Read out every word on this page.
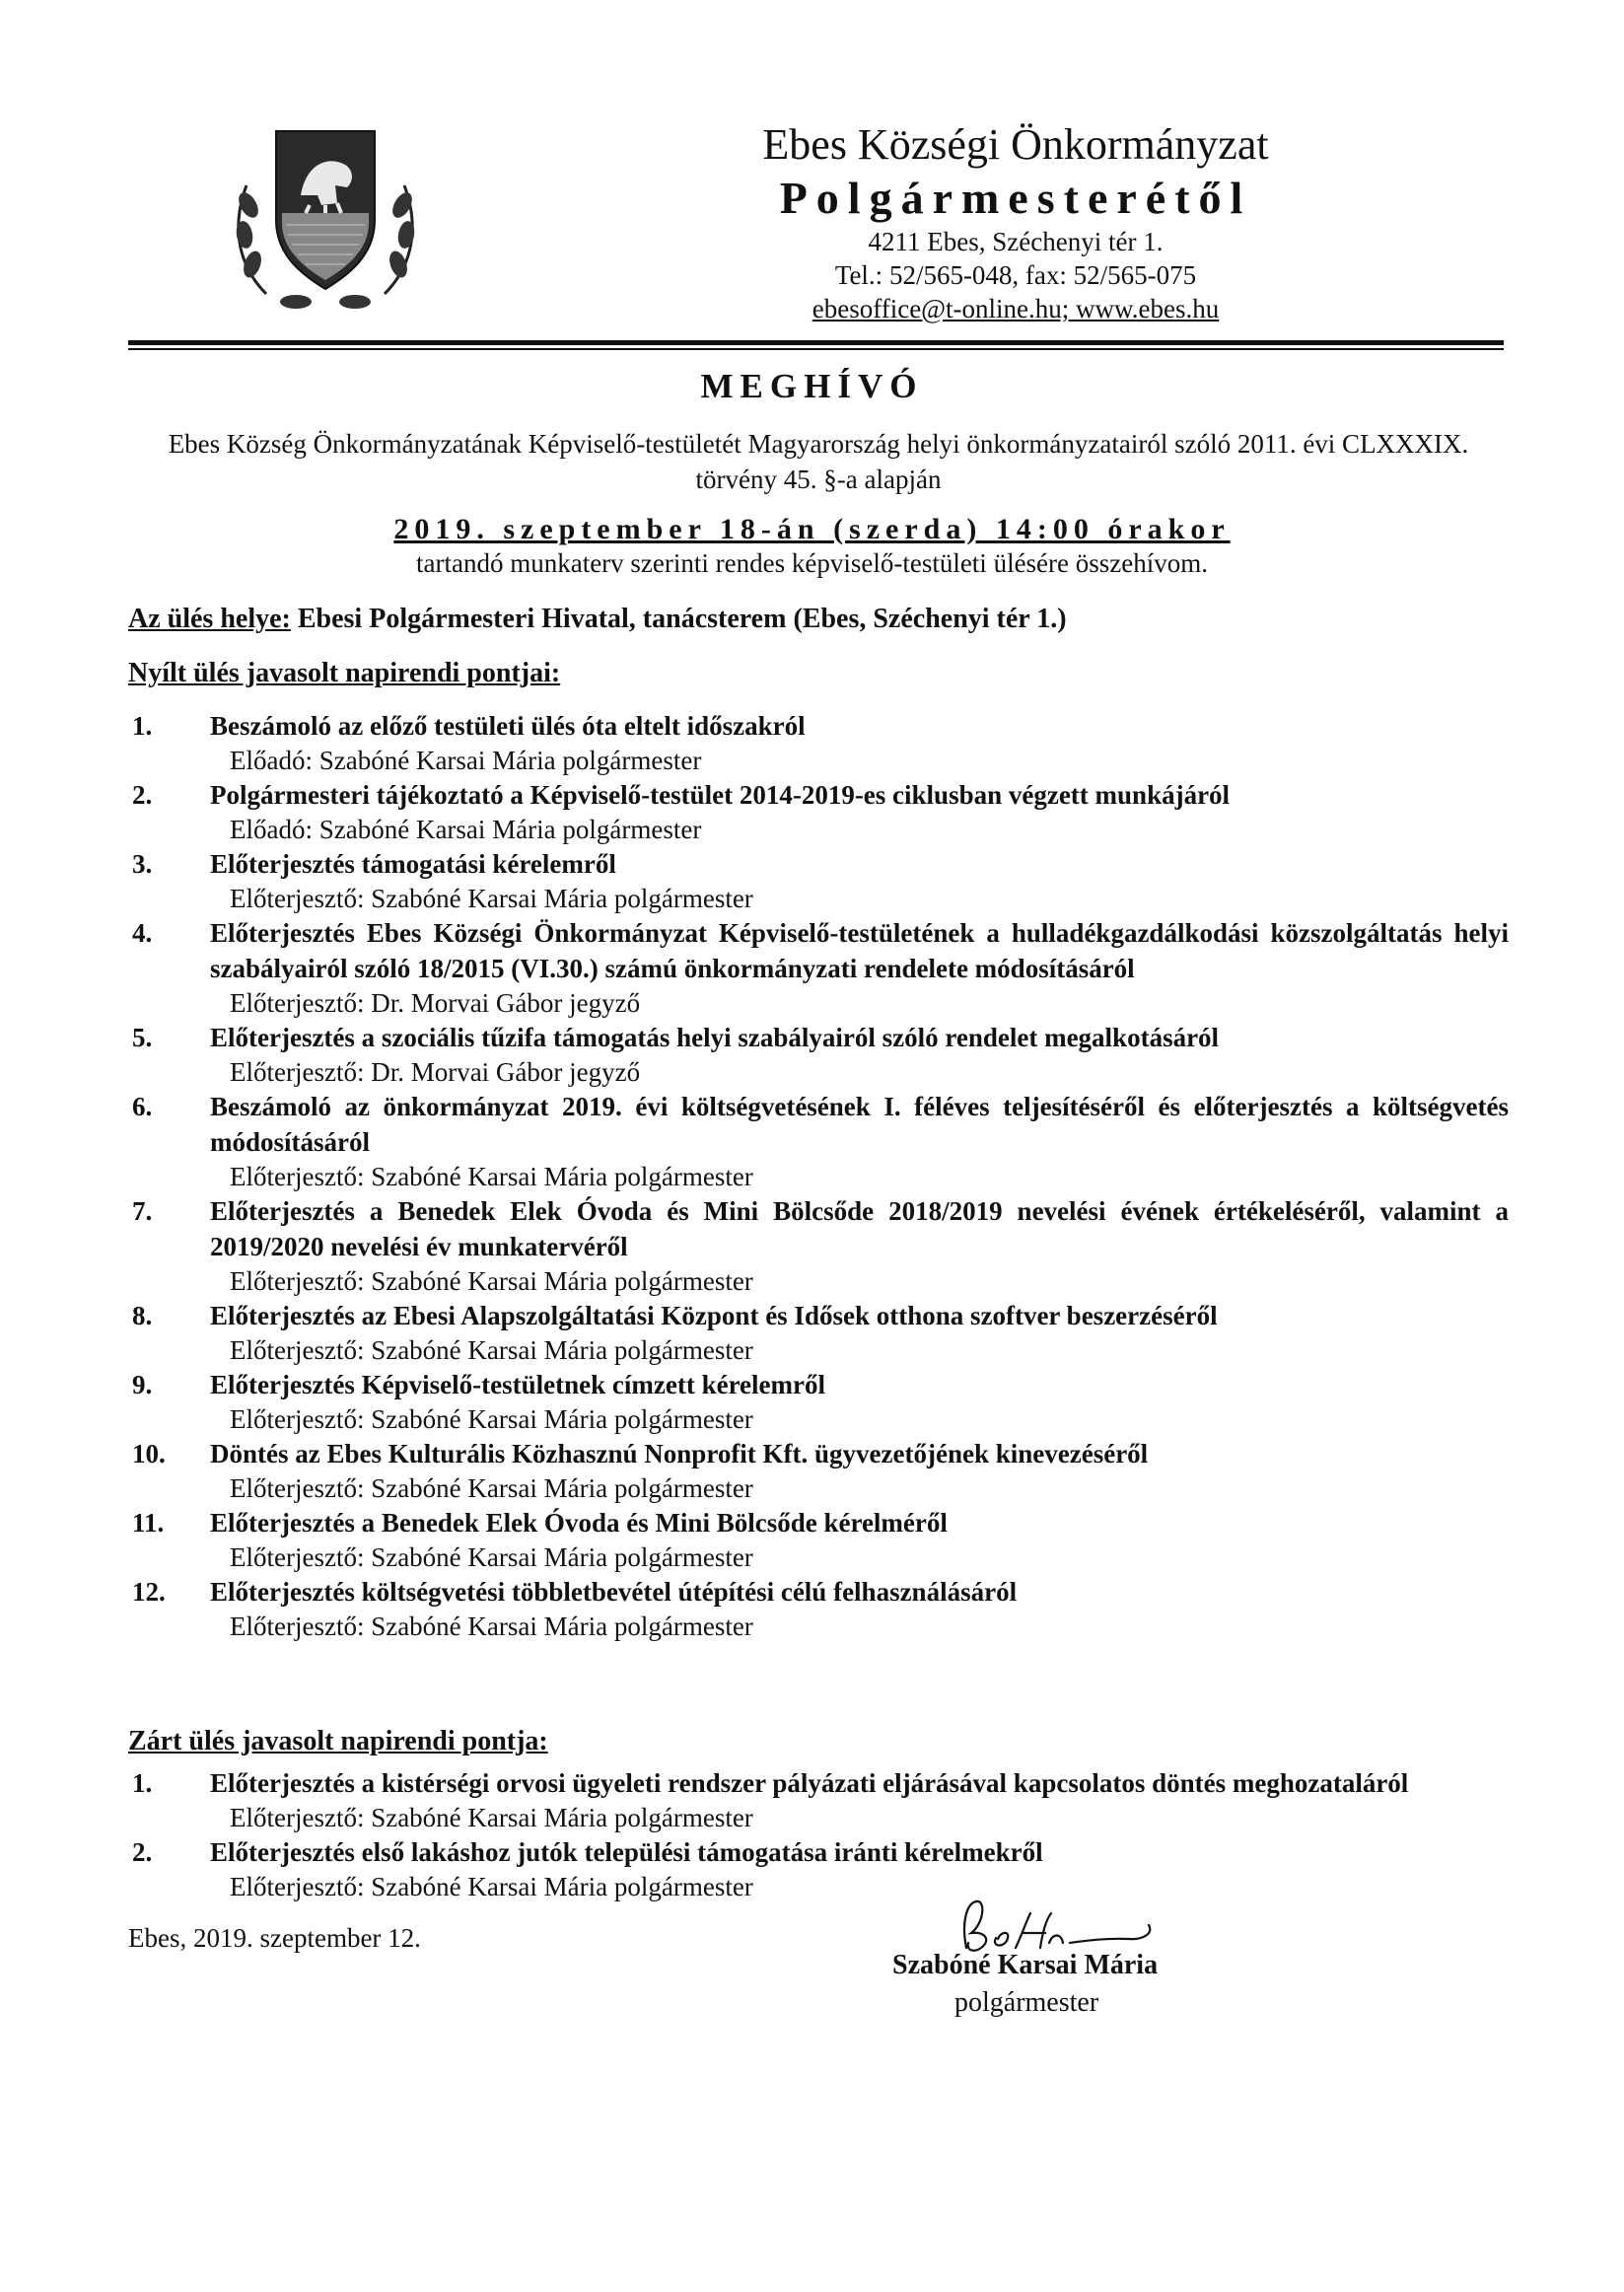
Ebes Községi Önkormányzat
Polgármesterétől
4211 Ebes, Széchenyi tér 1.
Tel.: 52/565-048, fax: 52/565-075
ebesoffice@t-online.hu; www.ebes.hu
MEGHÍVÓ
Ebes Község Önkormányzatának Képviselő-testületét Magyarország helyi önkormányzatairól szóló 2011. évi CLXXXIX. törvény 45. §-a alapján
2019. szeptember 18-án (szerda) 14:00 órakor
tartandó munkaterv szerinti rendes képviselő-testületi ülésére összehívom.
Az ülés helye: Ebesi Polgármesteri Hivatal, tanácsterem (Ebes, Széchenyi tér 1.)
Nyílt ülés javasolt napirendi pontjai:
1. Beszámoló az előző testületi ülés óta eltelt időszakról
Előadó: Szabóné Karsai Mária polgármester
2. Polgármesteri tájékoztató a Képviselő-testület 2014-2019-es ciklusban végzett munkájáról
Előadó: Szabóné Karsai Mária polgármester
3. Előterjesztés támogatási kérelemről
Előterjesztő: Szabóné Karsai Mária polgármester
4. Előterjesztés Ebes Községi Önkormányzat Képviselő-testületének a hulladékgazdálkodási közszolgáltatás helyi szabályairól szóló 18/2015 (VI.30.) számú önkormányzati rendelete módosításáról
Előterjesztő: Dr. Morvai Gábor jegyző
5. Előterjesztés a szociális tűzifa támogatás helyi szabályairól szóló rendelet megalkotásáról
Előterjesztő: Dr. Morvai Gábor jegyző
6. Beszámoló az önkormányzat 2019. évi költségvetésének I. féléves teljesítéséről és előterjesztés a költségvetés módosításáról
Előterjesztő: Szabóné Karsai Mária polgármester
7. Előterjesztés a Benedek Elek Óvoda és Mini Bölcsőde 2018/2019 nevelési évének értékeléséről, valamint a 2019/2020 nevelési év munkatervéről
Előterjesztő: Szabóné Karsai Mária polgármester
8. Előterjesztés az Ebesi Alapszolgáltatási Központ és Idősek otthona szoftver beszerzéséről
Előterjesztő: Szabóné Karsai Mária polgármester
9. Előterjesztés Képviselő-testületnek címzett kérelemről
Előterjesztő: Szabóné Karsai Mária polgármester
10. Döntés az Ebes Kulturális Közhasznú Nonprofit Kft. ügyvezetőjének kinevezéséről
Előterjesztő: Szabóné Karsai Mária polgármester
11. Előterjesztés a Benedek Elek Óvoda és Mini Bölcsőde kérelméről
Előterjesztő: Szabóné Karsai Mária polgármester
12. Előterjesztés költségvetési többletbevétel útépítési célú felhasználásáról
Előterjesztő: Szabóné Karsai Mária polgármester
Zárt ülés javasolt napirendi pontja:
1. Előterjesztés a kistérségi orvosi ügyeleti rendszer pályázati eljárásával kapcsolatos döntés meghozataláról
Előterjesztő: Szabóné Karsai Mária polgármester
2. Előterjesztés első lakáshoz jutók települési támogatása iránti kérelmekről
Előterjesztő: Szabóné Karsai Mária polgármester
Ebes, 2019. szeptember 12.
Szabóné Karsai Mária
polgármester
